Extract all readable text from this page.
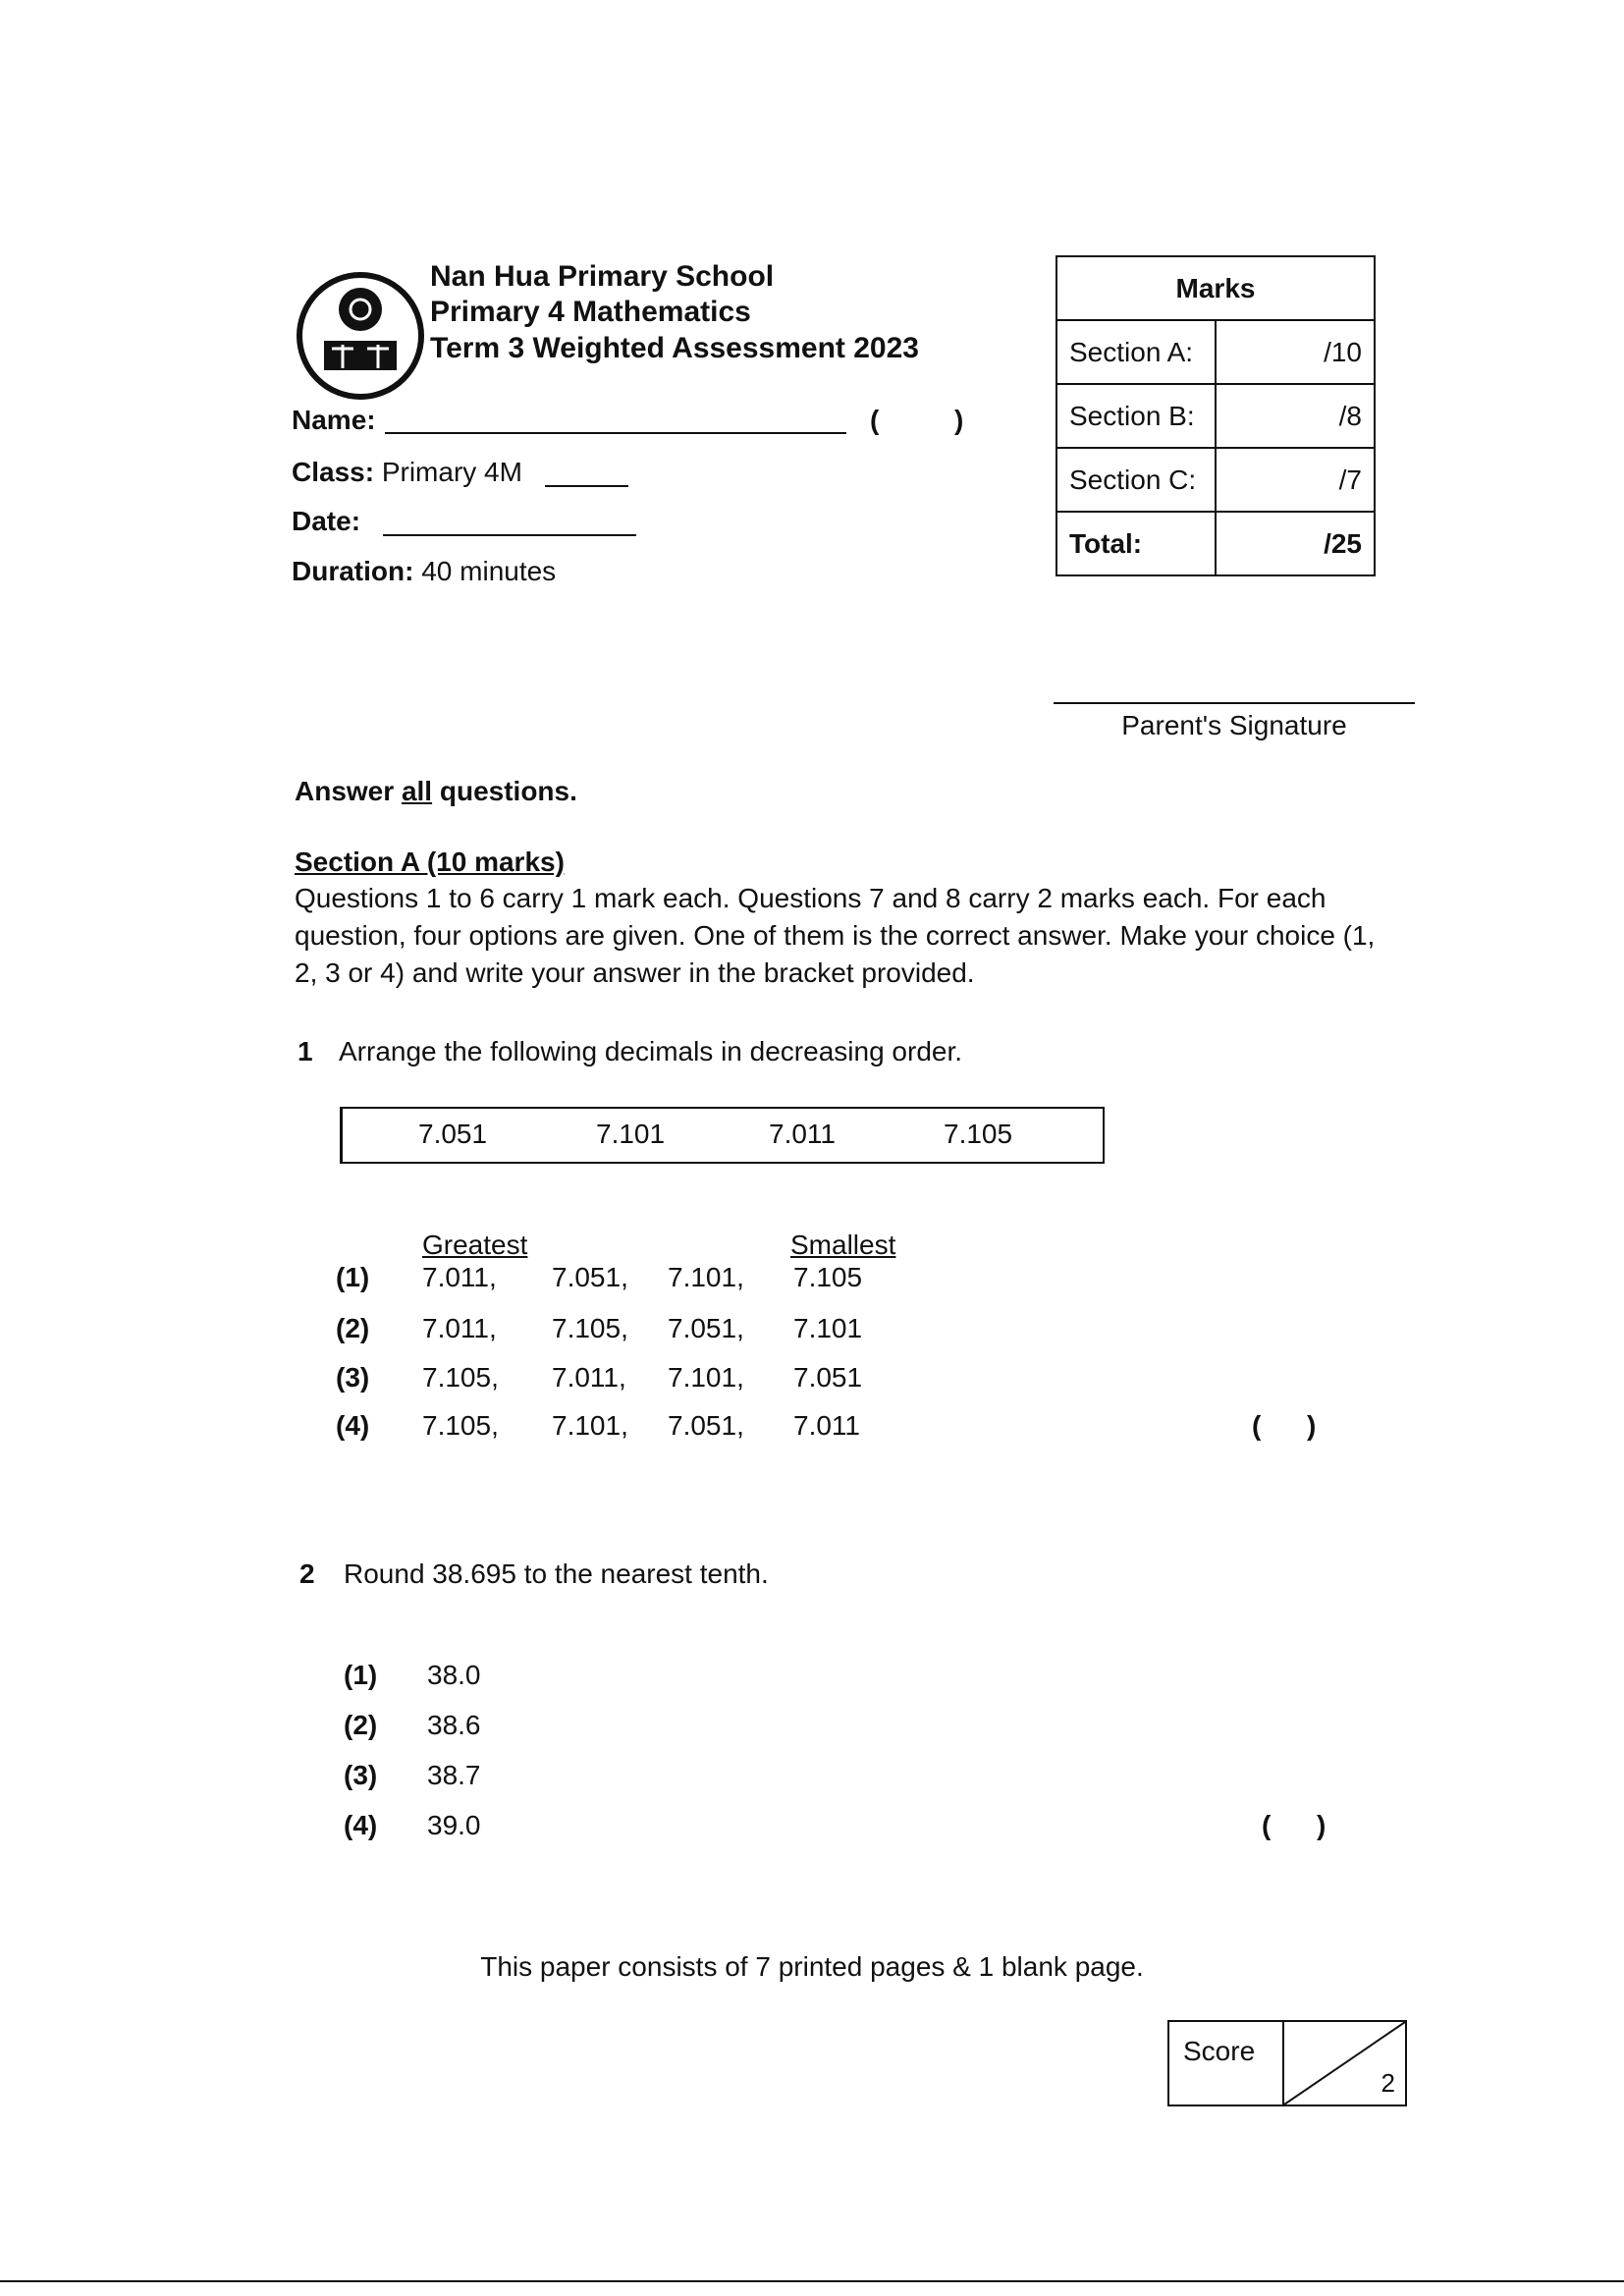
Nan Hua Primary School
Primary 4 Mathematics
Term 3 Weighted Assessment 2023
Name:	(	)
Class: Primary 4M
Date:
Duration: 40 minutes
Marks	
Section A:	/10
Section B:	/8
Section C:	/7
Total:	/25
Parent's Signature
Answer all questions.
Section A (10 marks)
Questions 1 to 6 carry 1 mark each. Questions 7 and 8 carry 2 marks each. For each question, four options are given. One of them is the correct answer. Make your choice (1, 2, 3 or 4) and write your answer in the bracket provided.
1 Arrange the following decimals in decreasing order.
7.051	7.101	7.011	7.105
Greatest	Smallest
(1) 7.011, 7.051, 7.101, 7.105
(2) 7.011, 7.105, 7.051, 7.101
(3) 7.105, 7.011, 7.101, 7.051
(4) 7.105, 7.101, 7.051, 7.011	(      )
2 Round 38.695 to the nearest tenth.
(1) 38.0
(2) 38.6
(3) 38.7
(4) 39.0	(      )
This paper consists of 7 printed pages & 1 blank page.
Score
2
